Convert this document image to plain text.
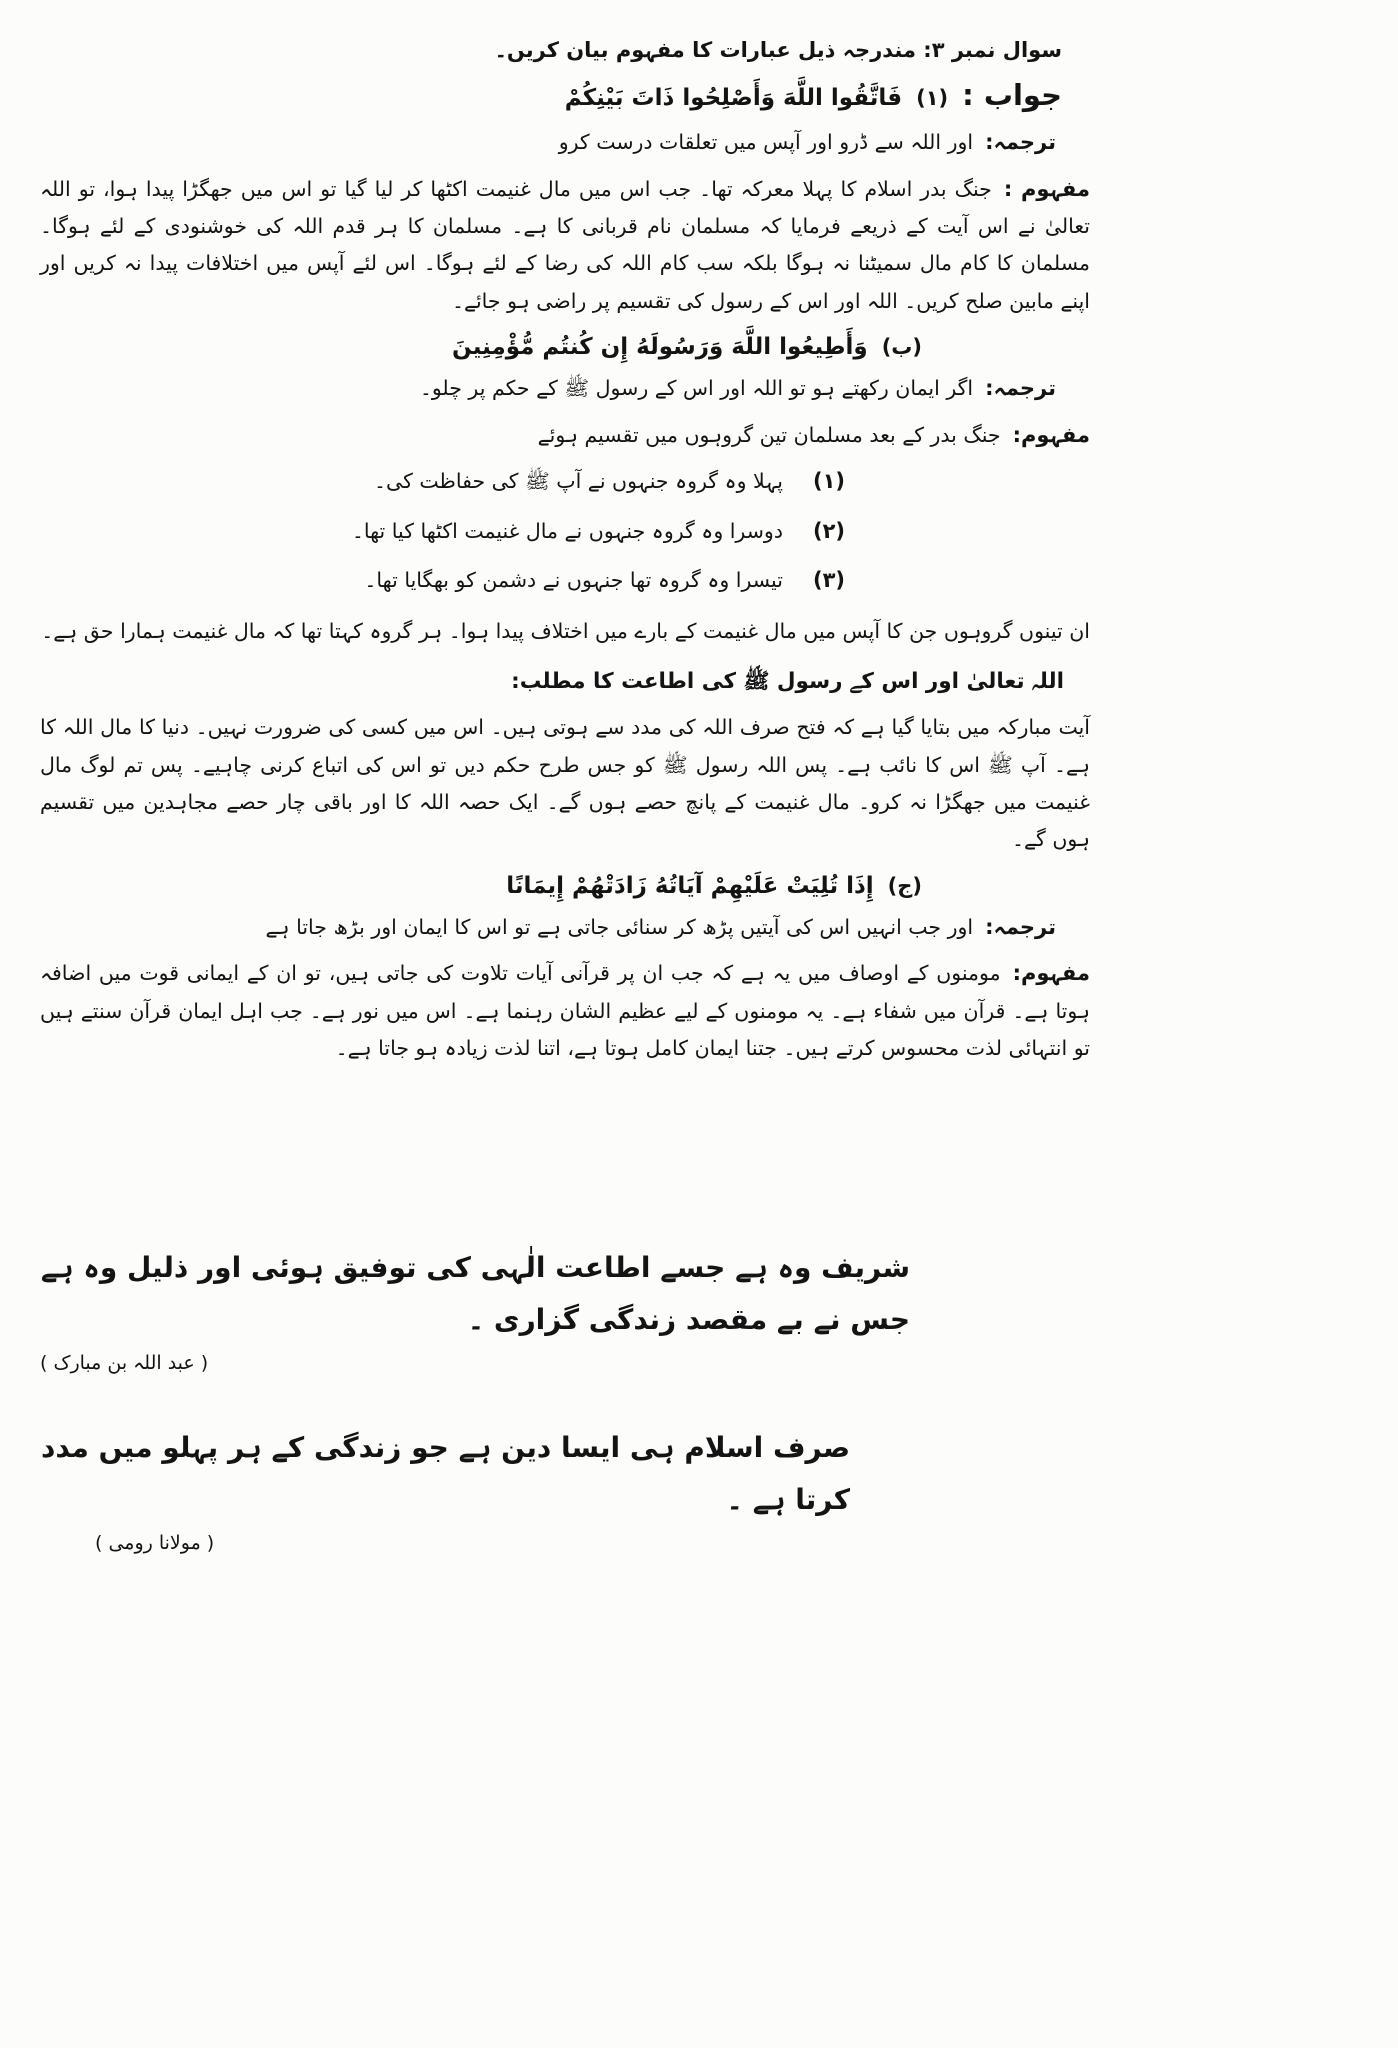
سوال نمبر ۳: مندرجہ ذیل عبارات کا مفہوم بیان کریں۔

جواب :
(۱)
فَاتَّقُوا اللَّهَ وَأَصْلِحُوا ذَاتَ بَيْنِكُمْ

ترجمہ:اور اللہ سے ڈرو اور آپس میں تعلقات درست کرو

مفہوم :جنگ بدر اسلام کا پہلا معرکہ تھا۔ جب اس میں مال غنیمت اکٹھا کر لیا گیا تو اس میں جھگڑا پیدا ہوا، تو اللہ تعالیٰ نے اس آیت کے ذریعے فرمایا کہ مسلمان نام قربانی کا ہے۔ مسلمان کا ہر قدم اللہ کی خوشنودی کے لئے ہوگا۔ مسلمان کا کام مال سمیٹنا نہ ہوگا بلکہ سب کام اللہ کی رضا کے لئے ہوگا۔ اس لئے آپس میں اختلافات پیدا نہ کریں اور اپنے مابین صلح کریں۔ اللہ اور اس کے رسول کی تقسیم پر راضی ہو جائے۔

(ب)
وَأَطِيعُوا اللَّهَ وَرَسُولَهُ إِن كُنتُم مُّؤْمِنِينَ

ترجمہ:اگر ایمان رکھتے ہو تو اللہ اور اس کے رسول ﷺ کے حکم پر چلو۔

مفہوم:جنگ بدر کے بعد مسلمان تین گروہوں میں تقسیم ہوئے

(۱)پہلا وہ گروہ جنہوں نے آپ ﷺ کی حفاظت کی۔

(۲)دوسرا وہ گروہ جنہوں نے مال غنیمت اکٹھا کیا تھا۔

(۳)تیسرا وہ گروہ تھا جنہوں نے دشمن کو بھگایا تھا۔

ان تینوں گروہوں جن کا آپس میں مال غنیمت کے بارے میں اختلاف پیدا ہوا۔ ہر گروہ کہتا تھا کہ مال غنیمت ہمارا حق ہے۔

اللہ تعالیٰ اور اس کے رسول ﷺ کی اطاعت کا مطلب:

آیت مبارکہ میں بتایا گیا ہے کہ فتح صرف اللہ کی مدد سے ہوتی ہیں۔ اس میں کسی کی ضرورت نہیں۔ دنیا کا مال اللہ کا ہے۔ آپ ﷺ اس کا نائب ہے۔ پس اللہ رسول ﷺ کو جس طرح حکم دیں تو اس کی اتباع کرنی چاہیے۔ پس تم لوگ مال غنیمت میں جھگڑا نہ کرو۔ مال غنیمت کے پانچ حصے ہوں گے۔ ایک حصہ اللہ کا اور باقی چار حصے مجاہدین میں تقسیم ہوں گے۔

(ج)
إِذَا تُلِيَتْ عَلَيْهِمْ آيَاتُهُ زَادَتْهُمْ إِيمَانًا

ترجمہ:اور جب انہیں اس کی آیتیں پڑھ کر سنائی جاتی ہے تو اس کا ایمان اور بڑھ جاتا ہے

مفہوم:مومنوں کے اوصاف میں یہ ہے کہ جب ان پر قرآنی آیات تلاوت کی جاتی ہیں، تو ان کے ایمانی قوت میں اضافہ ہوتا ہے۔ قرآن میں شفاء ہے۔ یہ مومنوں کے لیے عظیم الشان رہنما ہے۔ اس میں نور ہے۔ جب اہل ایمان قرآن سنتے ہیں تو انتہائی لذت محسوس کرتے ہیں۔ جتنا ایمان کامل ہوتا ہے، اتنا لذت زیادہ ہو جاتا ہے۔

شریف وہ ہے جسے اطاعت الٰہی کی توفیق ہوئی اور ذلیل وہ ہے جس نے بے مقصد زندگی گزاری ۔

( عبد اللہ بن مبارک )

صرف اسلام ہی ایسا دین ہے جو زندگی کے ہر پہلو میں مدد کرتا ہے ۔

( مولانا رومی )
